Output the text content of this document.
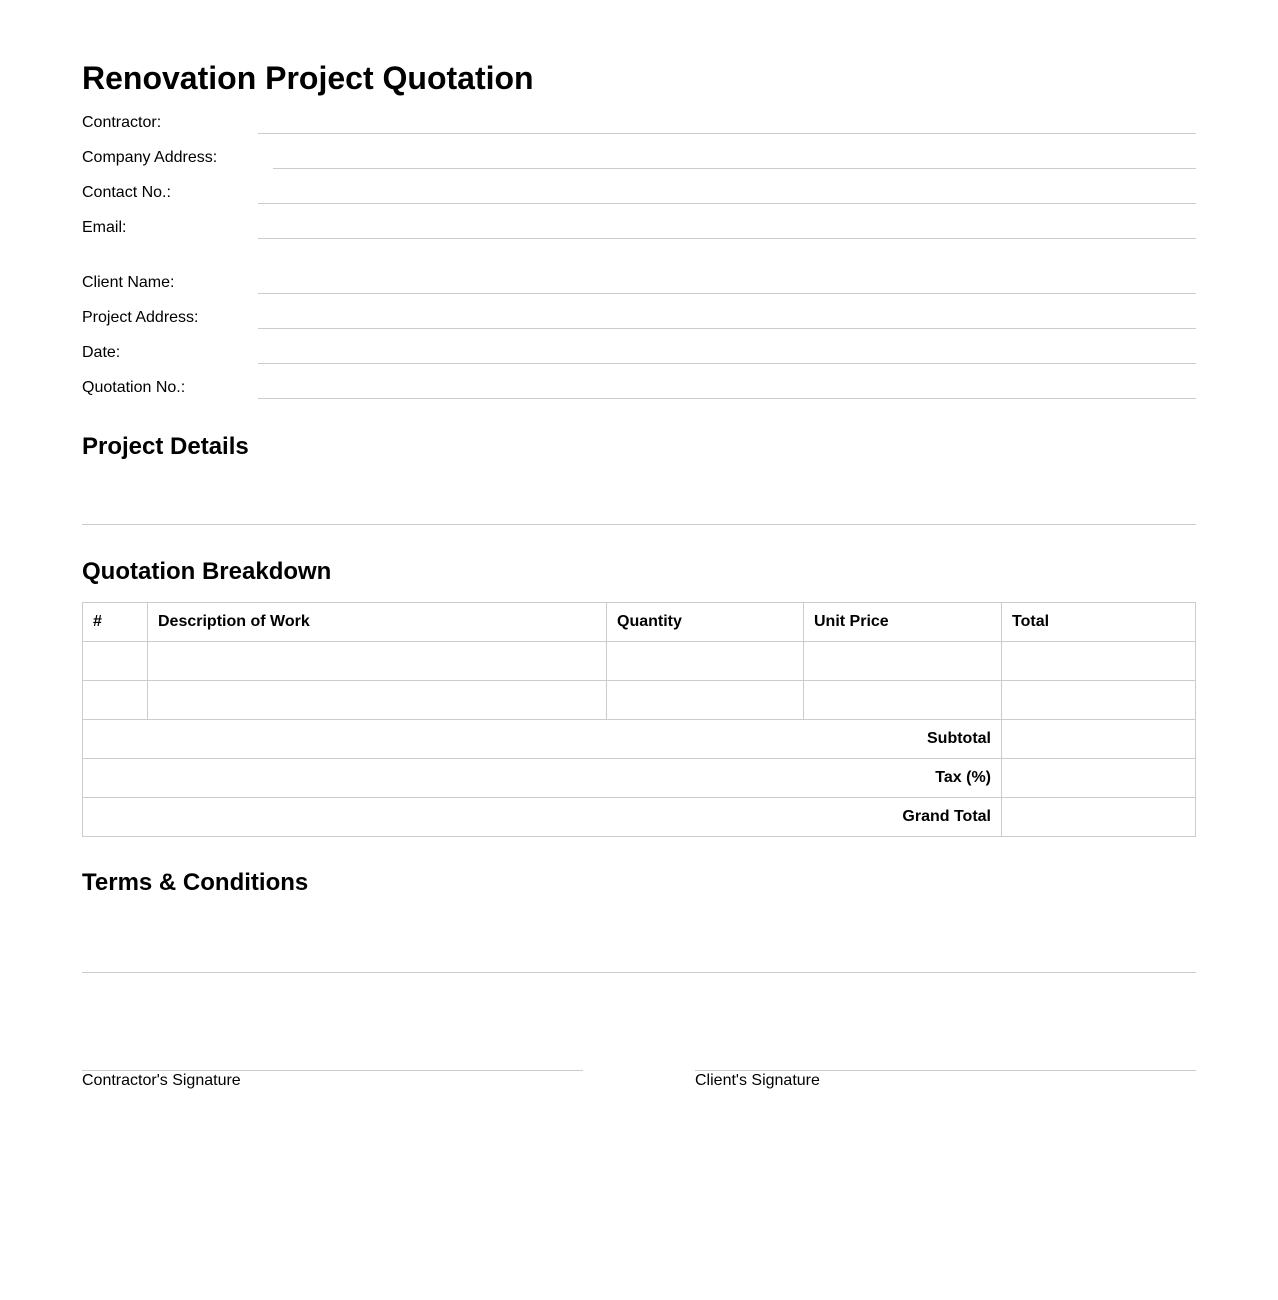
Renovation Project Quotation
Contractor:
Company Address:
Contact No.:
Email:
Client Name:
Project Address:
Date:
Quotation No.:
Project Details
Quotation Breakdown
#	Description of Work	Quantity	Unit Price	Total

Subtotal				
Tax (%)				
Grand Total				
Terms & Conditions
Contractor's Signature	Client's Signature
